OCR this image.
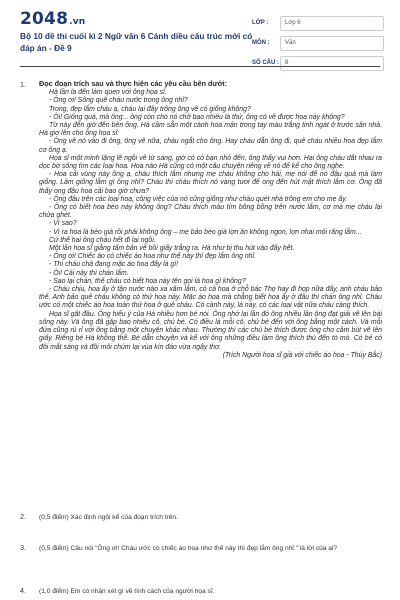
2048.vn
Bộ 10 đề thi cuối kì 2 Ngữ văn 6 Cánh diều cấu trúc mới có đáp án - Đề 9
LỚP :	Lớp 6
MÔN :	Văn
SỐ CÂU :	8
1. Đọc đoạn trích sau và thực hiện các yêu cầu bên dưới:

Hà lần la đến làm quen với ông họa sĩ.

- Ông ơi! Sông quê cháu nước trong ông nhỉ?

Trong, đẹp lắm cháu ạ, cháu lại đây trông ông vẽ có giống không?

- Ôi! Giống quá, mà ông... ông còn cho nó chở bao nhiêu là thứ, ông có vẽ được hoa này không?

Từ này đến giờ đến bên ông. Hà cầm sẵn một cành hoa mận trong tay màu trắng tinh ngát ở trước sân nhà. Hà giơ lên cho ông họa sĩ:

- Ông vẽ nó vào đi ông, ông vẽ nữa, cháu ngắt cho ông. Hay cháu dẫn ông đi, quê cháu nhiều hoa đẹp lắm cơ ông ạ.

Họa sĩ một mình lặng lẽ ngồi vẽ từ sáng, giờ có có bạn nhỏ đến, ông thấy vui hơn. Hai ông cháu dắt nhau ra dọc bờ sông tìm các loại hoa. Hoa nào Hà cũng có một câu chuyện riêng về nó để kể cho ông nghe.

- Hoa cải vùng này ông ạ, cháu thích lắm nhưng mẹ cháu không cho hái, mẹ nói để nó đậu quả mà làm giống. Làm giống lắm gì ông nhỉ? Cháu thì cháu thích nó vàng tươi để ong đến hút mật thích lắm cơ. Ông đã thấy ong đậu hoa cải bao giờ chưa?

- Ông đậu trên các loại hoa, công việc của nó cũng giống như cháu quét nhà trông em cho mẹ ấy.

- Ông có biết hoa bèo này không ông? Cháu thích màu tím bông bồng trên nước lắm, cơ mà mẹ cháu lại chửa ghét.

- Vì sao?

- Vì ra hoa là bèo già rồi phải không ông – mẹ bảo bèo già lợn ăn không ngon, lợn nhai mỏi răng lắm...

Cứ thế hai ông cháu hết đi lại ngồi.

Một lần họa sĩ giằng tấm bản vẽ bồi giấy trắng ra. Hà như bị thu hút vào đấy hết.

- Ông ơi! Chiếc áo có chiếc áo hoa như thế này thì đẹp lắm ông nhỉ.

- Thì cháu chả đang mặc áo hoa đấy là gì!

- Ôi! Cái này thì chán lắm.

- Sao lại chán, thế cháu có biết hoa này tên gọi là hoa gì không?

- Cháu chịu, hoa ấy ở tận nước nào xa xăm lắm, có cả hoa ở chỗ bác Thọ hay đi họp nữa đấy, anh cháu bảo thế. Anh bảo quê cháu không có thứ hoa này. Mặc áo hoa mà chẳng biết hoa ấy ở đâu thì chán ông nhỉ. Cháu ước có một chiếc áo hoa toàn thứ hoa ở quê cháu. Có cành này, lá này, có các loại vật nữa cháu càng thích.

Họa sĩ gật đầu. Ông hiểu ý của Hà nhiều hơn bé nói. Ông nhớ lại lần đó ông nhiều lần ông đạt giải vẽ lên bài sông này. Và ông đã gặp bao nhiêu cô, chú bé. Có điều là mỗi cô, chú bé đến với ông bằng một cách. Và mỗi đứa cũng rủ rỉ với ông bằng một chuyện khác nhau. Thường thì các chú bé thích được ông cho cầm bút vẽ lên giấy. Riêng bé Hà không thế. Bé dẫn chuyện và kể với ông những điều làm ông thích thú đến tò mò. Có bé có đôi mắt sáng và đôi môi chúm lại vùa kín đáo vừa ngây thơ.

(Trích Người họa sĩ già với chiếc áo hoa - Thúy Bắc)

2. (0,5 điểm) Xác định ngôi kể của đoạn trích trên.
3. (0,5 điểm) Câu nói "Ông ơi! Cháu ước có chiếc áo hoa như thế này thì đẹp lắm ông nhỉ." là lời của ai?
4. (1,0 điểm) Em có nhận xét gì về tính cách của người họa sĩ.
